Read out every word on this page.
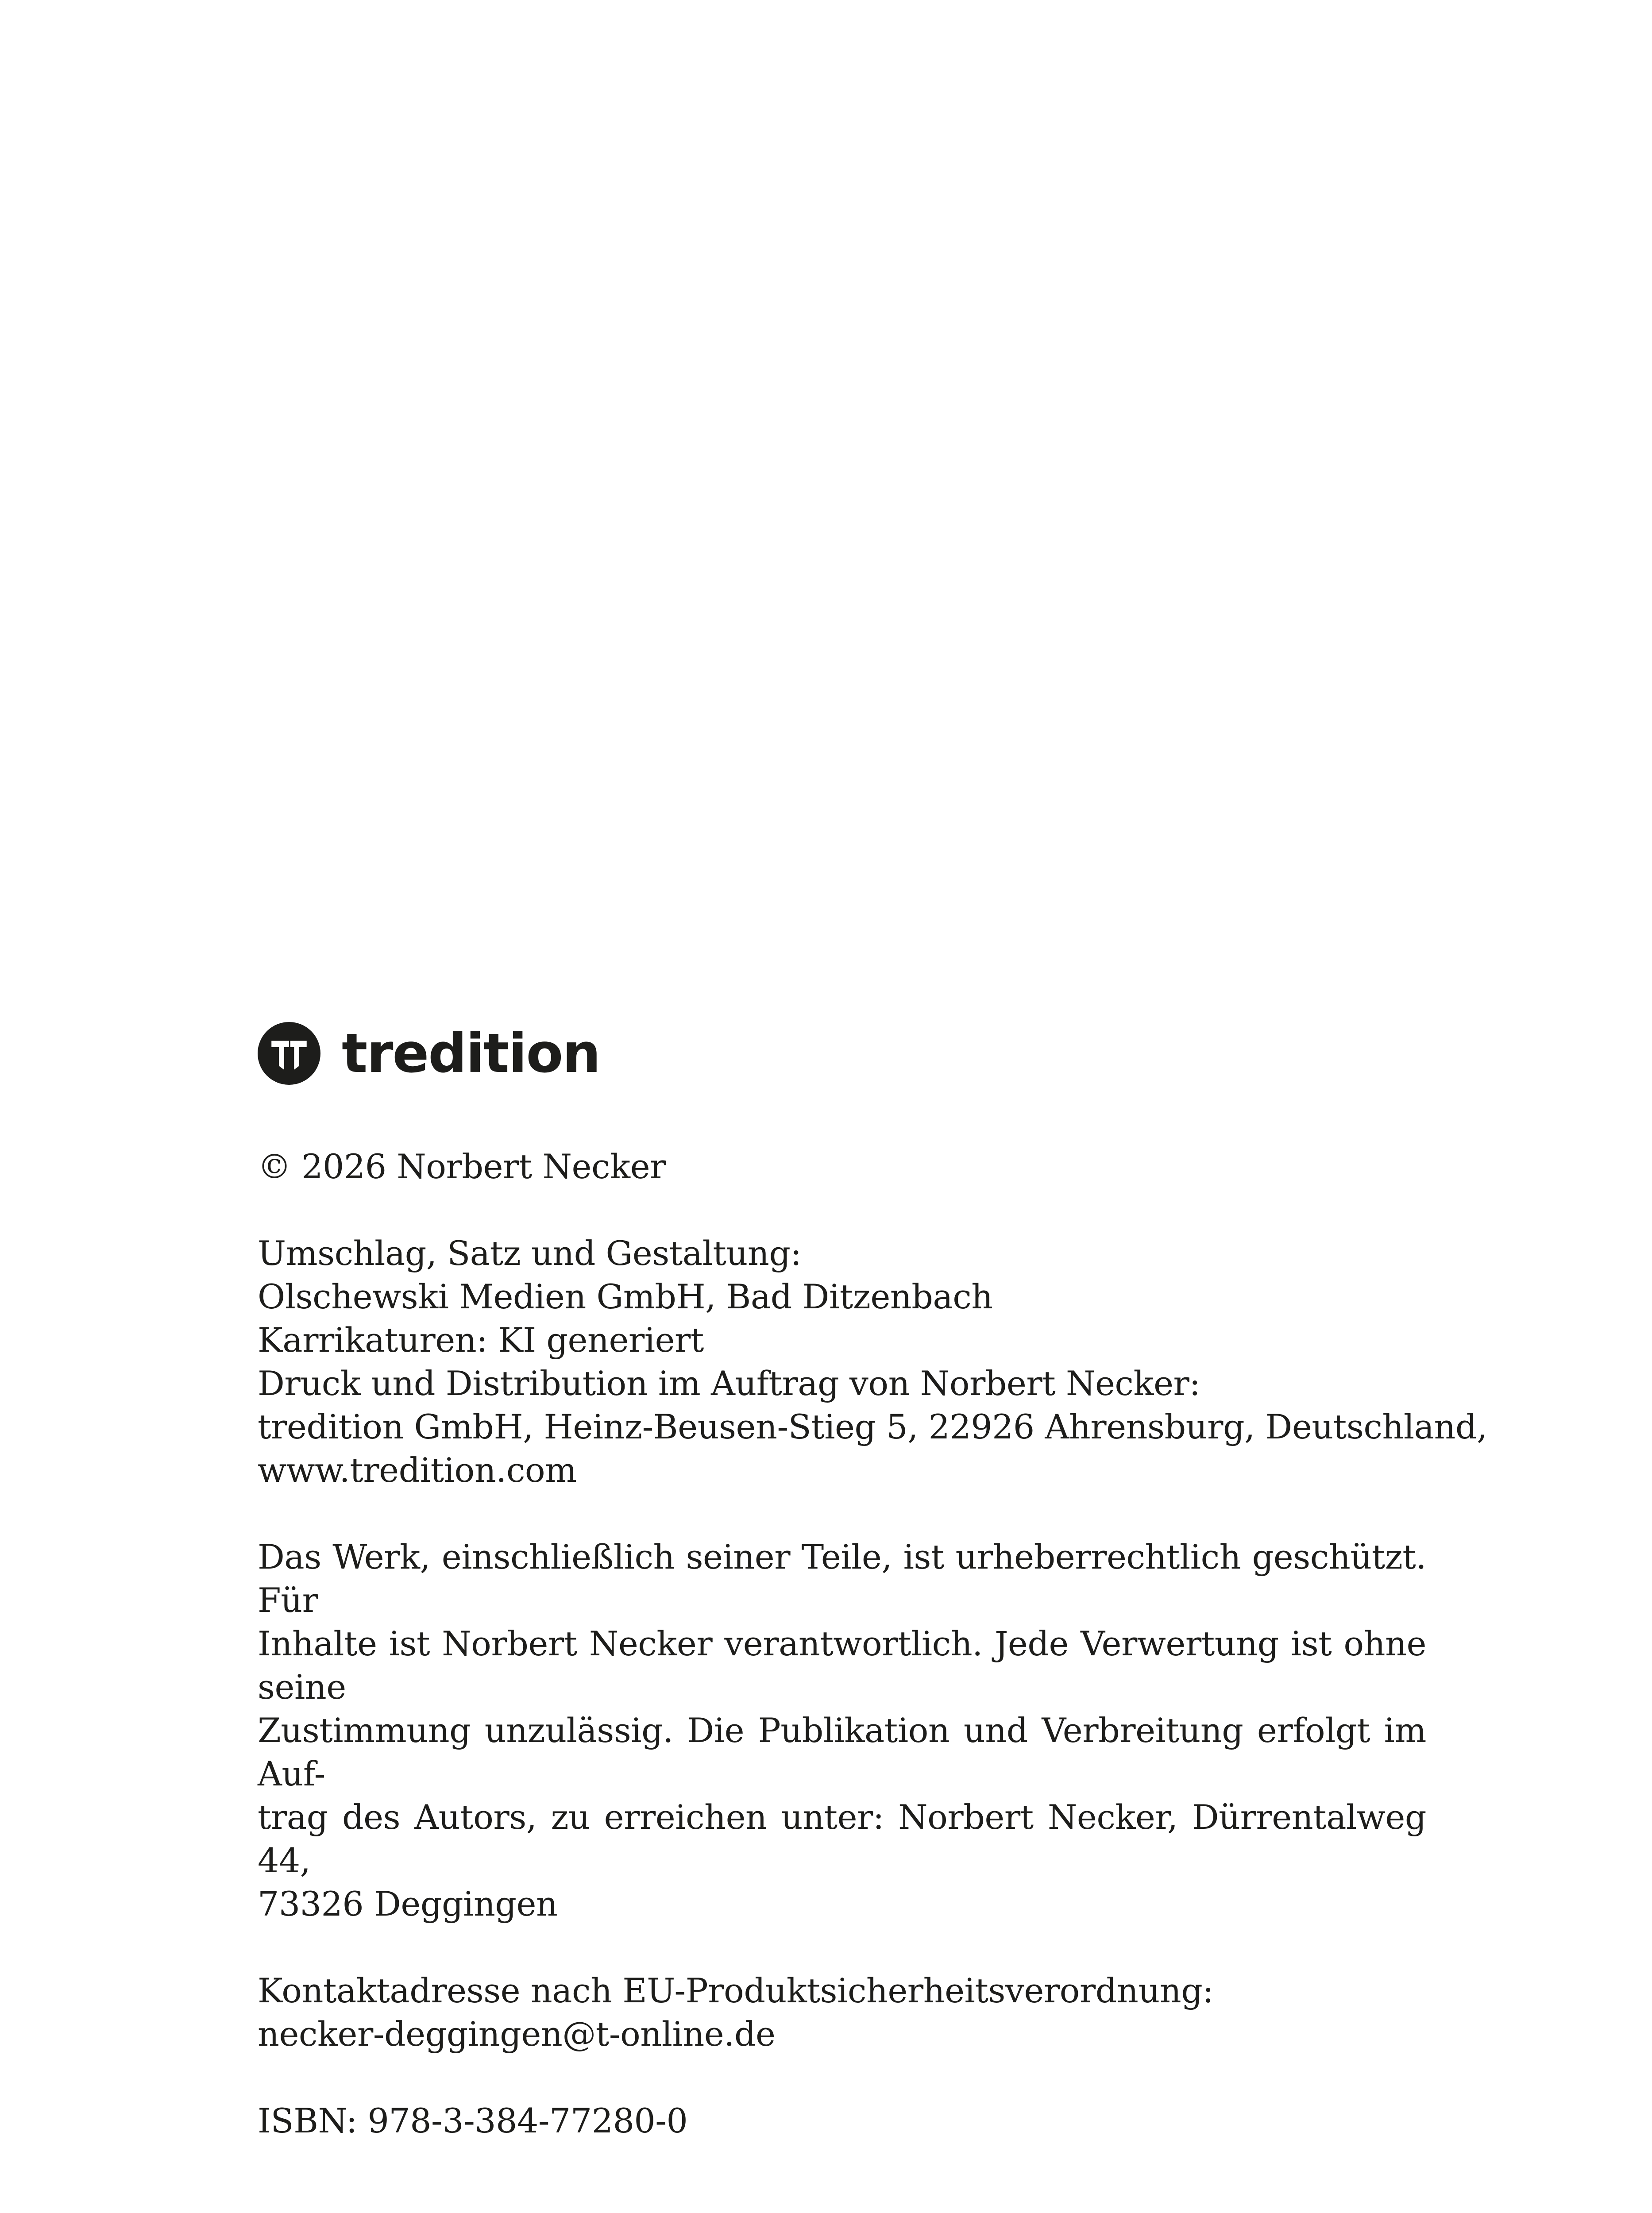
tredition

© 2026 Norbert Necker

Umschlag, Satz und Gestaltung:
Olschewski Medien GmbH, Bad Ditzenbach
Karrikaturen: KI generiert
Druck und Distribution im Auftrag von Norbert Necker:
tredition GmbH, Heinz-Beusen-Stieg 5, 22926 Ahrensburg, Deutschland,
www.tredition.com

Das Werk, einschließlich seiner Teile, ist urheberrechtlich geschützt. Für
Inhalte ist Norbert Necker verantwortlich. Jede Verwertung ist ohne seine
Zustimmung unzulässig. Die Publikation und Verbreitung erfolgt im Auf-
trag des Autors, zu erreichen unter: Norbert Necker, Dürrentalweg 44,
73326 Deggingen

Kontaktadresse nach EU-Produktsicherheitsverordnung:
necker-deggingen@t-online.de

ISBN: 978-3-384-77280-0
